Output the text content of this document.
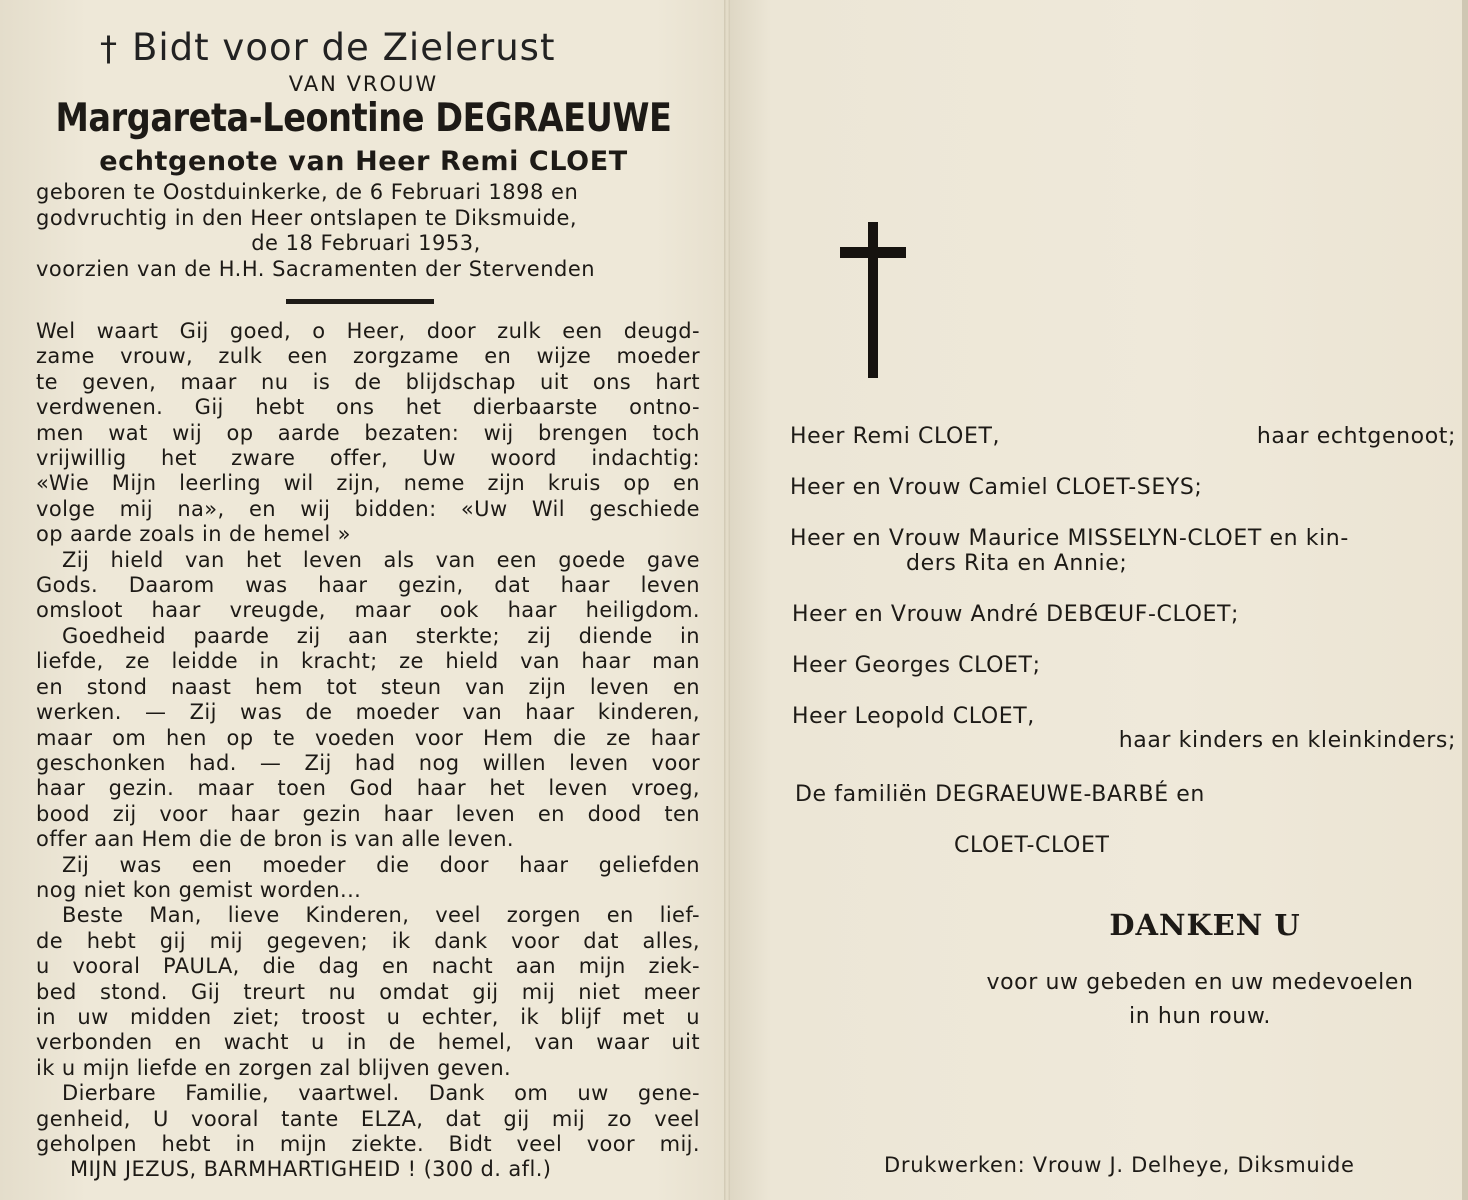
† Bidt voor de Zielerust
VAN VROUW
Margareta-Leontine DEGRAEUWE
echtgenote van Heer Remi CLOET
geboren te Oostduinkerke, de 6 Februari 1898 en
godvruchtig in den Heer ontslapen te Diksmuide,
de 18 Februari 1953,
voorzien van de H.H. Sacramenten der Stervenden
Wel waart Gij goed, o Heer, door zulk een deugd-
zame vrouw, zulk een zorgzame en wijze moeder
te geven, maar nu is de blijdschap uit ons hart
verdwenen. Gij hebt ons het dierbaarste ontno-
men wat wij op aarde bezaten: wij brengen toch
vrijwillig het zware offer, Uw woord indachtig:
«Wie Mijn leerling wil zijn, neme zijn kruis op en
volge mij na», en wij bidden: «Uw Wil geschiede
op aarde zoals in de hemel »
Zij hield van het leven als van een goede gave
Gods. Daarom was haar gezin, dat haar leven
omsloot haar vreugde, maar ook haar heiligdom.
Goedheid paarde zij aan sterkte; zij diende in
liefde, ze leidde in kracht; ze hield van haar man
en stond naast hem tot steun van zijn leven en
werken. — Zij was de moeder van haar kinderen,
maar om hen op te voeden voor Hem die ze haar
geschonken had. — Zij had nog willen leven voor
haar gezin. maar toen God haar het leven vroeg,
bood zij voor haar gezin haar leven en dood ten
offer aan Hem die de bron is van alle leven.
Zij was een moeder die door haar geliefden
nog niet kon gemist worden...
Beste Man, lieve Kinderen, veel zorgen en lief-
de hebt gij mij gegeven; ik dank voor dat alles,
u vooral PAULA, die dag en nacht aan mijn ziek-
bed stond. Gij treurt nu omdat gij mij niet meer
in uw midden ziet; troost u echter, ik blijf met u
verbonden en wacht u in de hemel, van waar uit
ik u mijn liefde en zorgen zal blijven geven.
Dierbare Familie, vaartwel. Dank om uw gene-
genheid, U vooral tante ELZA, dat gij mij zo veel
geholpen hebt in mijn ziekte. Bidt veel voor mij.
MIJN JEZUS, BARMHARTIGHEID ! (300 d. afl.)
Heer Remi CLOET,	haar echtgenoot;
Heer en Vrouw Camiel CLOET-SEYS;
Heer en Vrouw Maurice MISSELYN-CLOET en kin-
ders Rita en Annie;
Heer en Vrouw André DEBŒUF-CLOET;
Heer Georges CLOET;
Heer Leopold CLOET,
haar kinders en kleinkinders;
De familiën DEGRAEUWE-BARBÉ en
CLOET-CLOET
DANKEN U
voor uw gebeden en uw medevoelen
in hun rouw.
Drukwerken: Vrouw J. Delheye, Diksmuide
